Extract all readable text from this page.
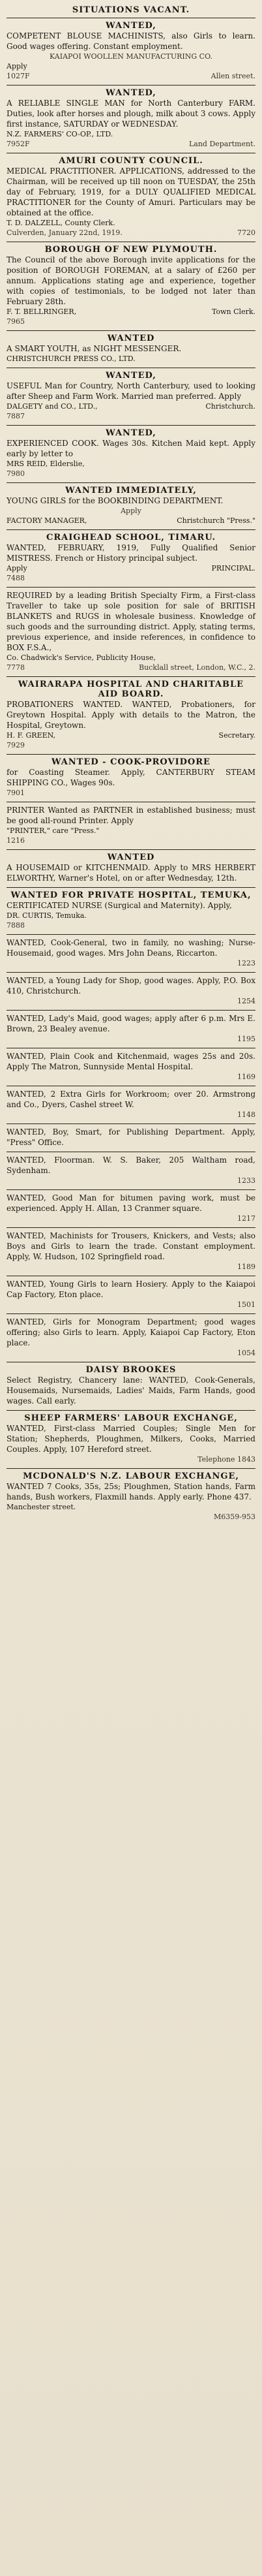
SITUATIONS VACANT.
WANTED,
COMPETENT BLOUSE MACHINISTS, also Girls to learn. Good wages offering. Constant employment.
KAIAPOI WOOLLEN MANUFACTURING CO.
Apply
1027F	Allen street.
WANTED,
A RELIABLE SINGLE MAN for North Canterbury FARM. Duties, look after horses and plough, milk about 3 cows. Apply first instance, SATURDAY or WEDNESDAY.
N.Z. FARMERS' CO-OP., LTD.
7952F	Land Department.
AMURI COUNTY COUNCIL.
MEDICAL PRACTITIONER. APPLICATIONS, addressed to the Chairman, will be received up till noon on TUESDAY, the 25th day of February, 1919, for a DULY QUALIFIED MEDICAL PRACTITIONER for the County of Amuri. Particulars may be obtained at the office.
T. D. DALZELL, County Clerk.
Culverden, January 22nd, 1919.	7720
BOROUGH OF NEW PLYMOUTH.
The Council of the above Borough invite applications for the position of BOROUGH FOREMAN, at a salary of £260 per annum. Applications stating age and experience, together with copies of testimonials, to be lodged not later than February 28th.
F. T. BELLRINGER,	Town Clerk.
7965
WANTED
A SMART YOUTH, as NIGHT MESSENGER.
CHRISTCHURCH PRESS CO., LTD.
WANTED,
USEFUL Man for Country, North Canterbury, used to looking after Sheep and Farm Work. Married man preferred. Apply
DALGETY and CO., LTD.,	Christchurch.
7887
WANTED,
EXPERIENCED COOK. Wages 30s. Kitchen Maid kept. Apply early by letter to
MRS REID, Elderslie,
7980
WANTED IMMEDIATELY,
YOUNG GIRLS for the BOOKBINDING DEPARTMENT.
Apply
FACTORY MANAGER,	Christchurch "Press."
CRAIGHEAD SCHOOL, TIMARU.
WANTED, FEBRUARY, 1919, Fully Qualified Senior MISTRESS. French or History principal subject.
Apply	PRINCIPAL.
7488
REQUIRED by a leading British Specialty Firm, a First-class Traveller to take up sole position for sale of BRITISH BLANKETS and RUGS in wholesale business. Knowledge of such goods and the surrounding district. Apply, stating terms, previous experience, and inside references, in confidence to BOX F.S.A.,
Co. Chadwick's Service, Publicity House,
7778	Bucklall street, London, W.C., 2.
WAIRARAPA HOSPITAL AND CHARITABLE AID BOARD.
PROBATIONERS WANTED. WANTED, Probationers, for Greytown Hospital. Apply with details to the Matron, the Hospital, Greytown.
H. F. GREEN,	Secretary.
7929
WANTED - COOK-PROVIDORE
for Coasting Steamer. Apply, CANTERBURY STEAM SHIPPING CO., Wages 90s.
7901
PRINTER Wanted as PARTNER in established business; must be good all-round Printer. Apply
"PRINTER," care "Press."
1216
WANTED
A HOUSEMAID or KITCHENMAID. Apply to MRS HERBERT ELWORTHY, Warner's Hotel, on or after Wednesday, 12th.
WANTED FOR PRIVATE HOSPITAL, TEMUKA,
CERTIFICATED NURSE (Surgical and Maternity). Apply,
DR. CURTIS, Temuka.
7888
WANTED, Cook-General, two in family, no washing; Nurse-Housemaid, good wages. Mrs John Deans, Riccarton.
1223
WANTED, a Young Lady for Shop, good wages. Apply, P.O. Box 410, Christchurch.
1254
WANTED, Lady's Maid, good wages; apply after 6 p.m. Mrs E. Brown, 23 Bealey avenue.
1195
WANTED, Plain Cook and Kitchenmaid, wages 25s and 20s. Apply The Matron, Sunnyside Mental Hospital.
1169
WANTED, 2 Extra Girls for Workroom; over 20. Armstrong and Co., Dyers, Cashel street W.
1148
WANTED, Boy, Smart, for Publishing Department. Apply, "Press" Office.
WANTED, Floorman. W. S. Baker, 205 Waltham road, Sydenham.
1233
WANTED, Good Man for bitumen paving work, must be experienced. Apply H. Allan, 13 Cranmer square.
1217
WANTED, Machinists for Trousers, Knickers, and Vests; also Boys and Girls to learn the trade. Constant employment. Apply, W. Hudson, 102 Springfield road.
1189
WANTED, Young Girls to learn Hosiery. Apply to the Kaiapoi Cap Factory, Eton place.
1501
WANTED, Girls for Monogram Department; good wages offering; also Girls to learn. Apply, Kaiapoi Cap Factory, Eton place.
1054
DAISY BROOKES
Select Registry, Chancery lane: WANTED, Cook-Generals, Housemaids, Nursemaids, Ladies' Maids, Farm Hands, good wages. Call early.
SHEEP FARMERS' LABOUR EXCHANGE,
WANTED, First-class Married Couples; Single Men for Station; Shepherds, Ploughmen, Milkers, Cooks, Married Couples. Apply, 107 Hereford street.
Telephone 1843
MCDONALD'S N.Z. LABOUR EXCHANGE,
WANTED 7 Cooks, 35s, 25s; Ploughmen, Station hands, Farm hands, Bush workers, Flaxmill hands. Apply early. Phone 437.
Manchester street.
M6359-953
